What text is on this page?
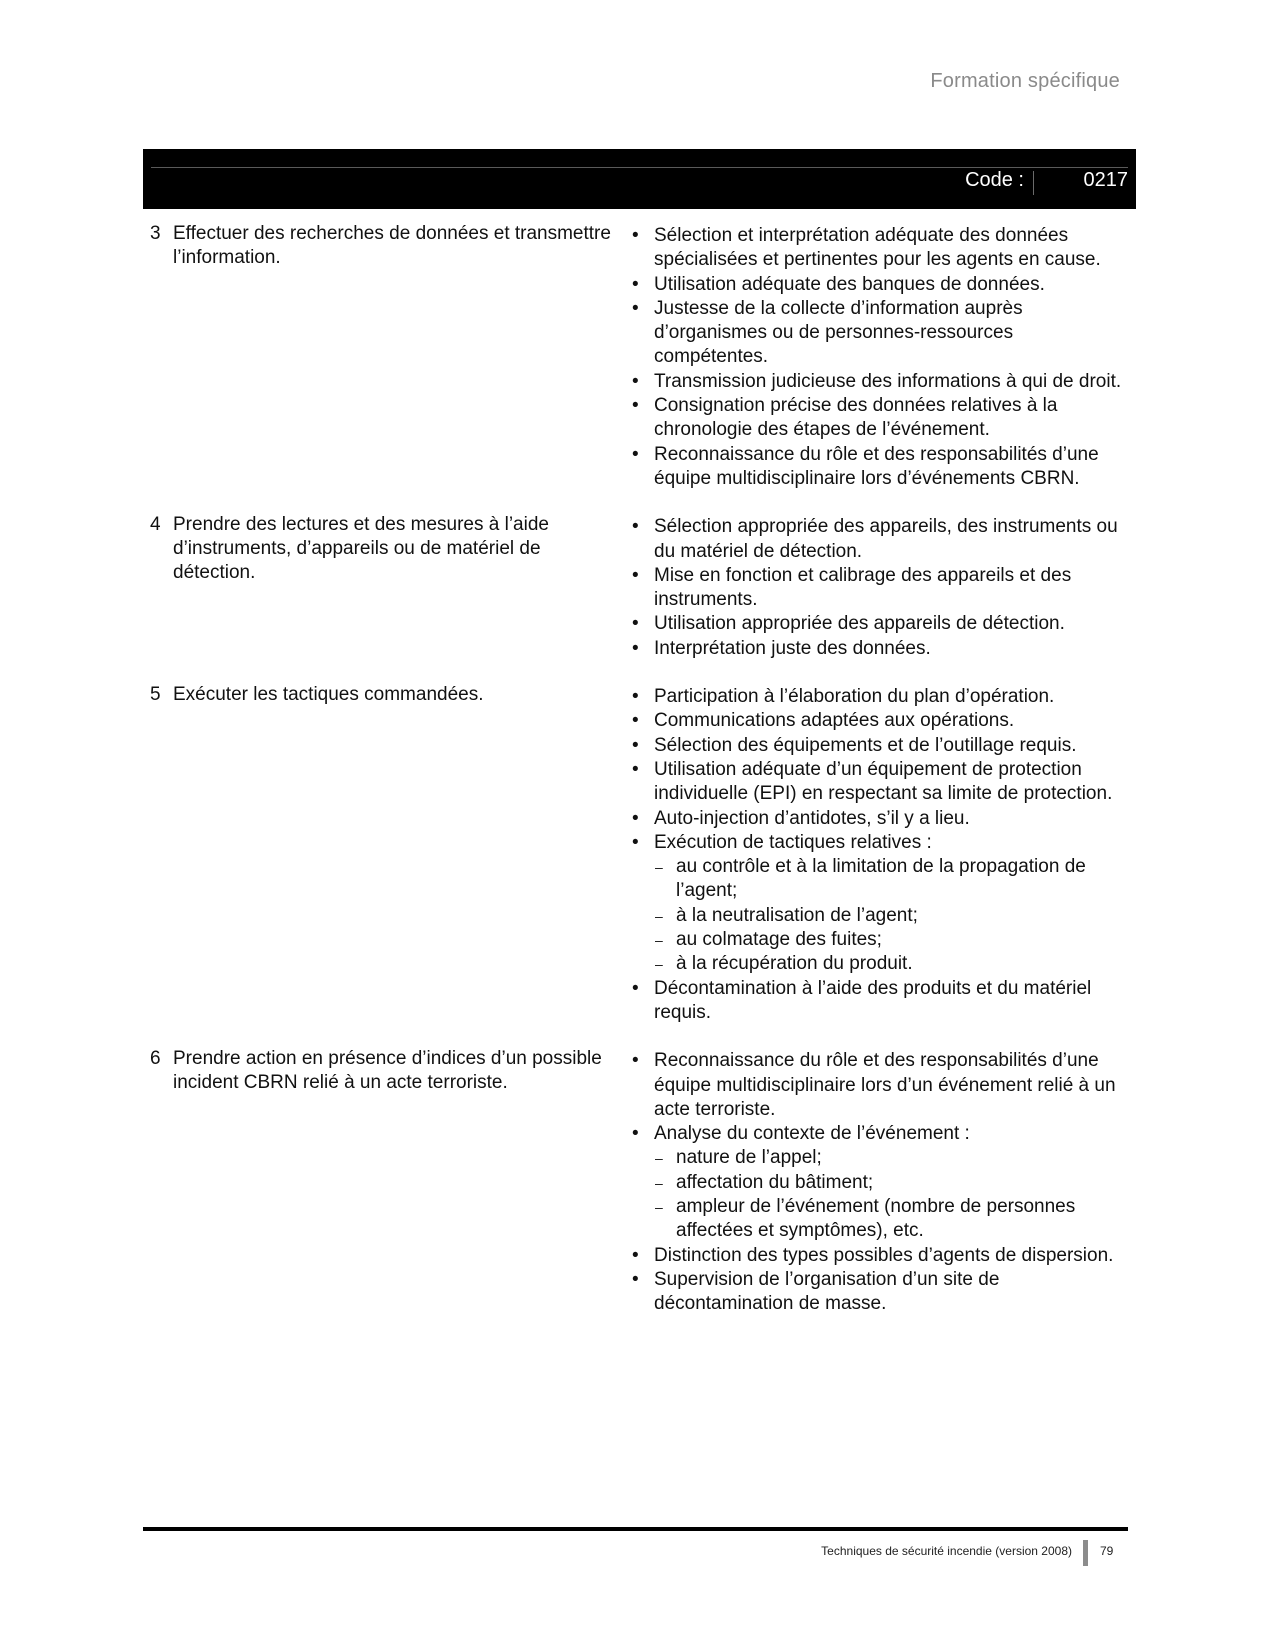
Formation spécifique
Code :	0217
3 Effectuer des recherches de données et transmettre l’information.
• Sélection et interprétation adéquate des données spécialisées et pertinentes pour les agents en cause.
• Utilisation adéquate des banques de données.
• Justesse de la collecte d’information auprès d’organismes ou de personnes-ressources compétentes.
• Transmission judicieuse des informations à qui de droit.
• Consignation précise des données relatives à la chronologie des étapes de l’événement.
• Reconnaissance du rôle et des responsabilités d’une équipe multidisciplinaire lors d’événements CBRN.
4 Prendre des lectures et des mesures à l’aide d’instruments, d’appareils ou de matériel de détection.
• Sélection appropriée des appareils, des instruments ou du matériel de détection.
• Mise en fonction et calibrage des appareils et des instruments.
• Utilisation appropriée des appareils de détection.
• Interprétation juste des données.
5 Exécuter les tactiques commandées.
•	Participation à l’élaboration du plan d’opération.
• Communications adaptées aux opérations.
• Sélection des équipements et de l’outillage requis.
• Utilisation adéquate d’un équipement de protection individuelle (EPI) en respectant sa limite de protection.
• Auto-injection d’antidotes, s’il y a lieu.
• Exécution de tactiques relatives :
– au contrôle et à la limitation de la propagation de l’agent;
– à la neutralisation de l’agent;
– au colmatage des fuites;
– à la récupération du produit.
• Décontamination à l’aide des produits et du matériel requis.
6 Prendre action en présence d’indices d’un possible incident CBRN relié à un acte terroriste.
• Reconnaissance du rôle et des responsabilités d’une équipe multidisciplinaire lors d’un événement relié à un acte terroriste.
• Analyse du contexte de l’événement :
– nature de l’appel;
– affectation du bâtiment;
– ampleur de l’événement (nombre de personnes affectées et symptômes), etc.
• Distinction des types possibles d’agents de dispersion.
• Supervision de l’organisation d’un site de décontamination de masse.
Techniques de sécurité incendie (version 2008) 79
